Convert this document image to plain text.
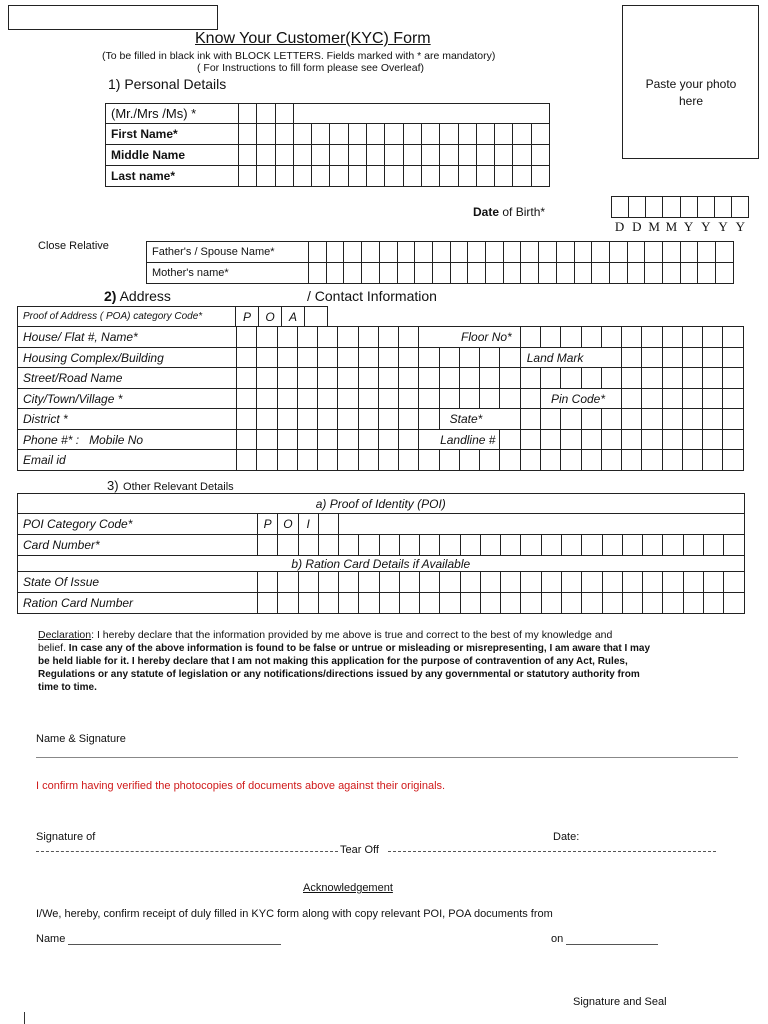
Know Your Customer(KYC) Form
(To be filled in black ink with BLOCK LETTERS. Fields marked with * are mandatory)
( For Instructions to fill form please see Overleaf)
Paste your photo here
1) Personal Details
(Mr./Mrs /Ms) *																	
First Name*																	
Middle Name																	
Last name*																	
Date of Birth*

D D M M Y Y Y Y
Close Relative	Father's / Spouse Name*																								
Mother's name*																								
2) Address	/ Contact Information
Proof of Address ( POA) category Code*	P	O	A	
House/ Flat #, Name*										Floor No*															
Housing Complex/Building															Land Mark										
Street/Road Name																									
City/Town/Village *																Pin Code*									
District *											State*														
Phone #* : Mobile No										Landline #															
Email id																									
3) Other Relevant Details
a) Proof of Identity (POI)																								
POI Category Code*	P	O	I																					
Card Number*																								
b) Ration Card Details if Available																								
State Of Issue																								
Ration Card Number																								
Declaration: I hereby declare that the information provided by me above is true and correct to the best of my knowledge and
belief. In case any of the above information is found to be false or untrue or misleading or misrepresenting, I am aware that I may
be held liable for it. I hereby declare that I am not making this application for the purpose of contravention of any Act, Rules,
Regulations or any statute of legislation or any notifications/directions issued by any governmental or statutory authority from
time to time.
Name & Signature
I confirm having verified the photocopies of documents above against their originals.
Signature of	Date:
Tear Off
Acknowledgement
I/We, hereby, confirm receipt of duly filled in KYC form along with copy relevant POI, POA documents from
Name	on
Signature and Seal
